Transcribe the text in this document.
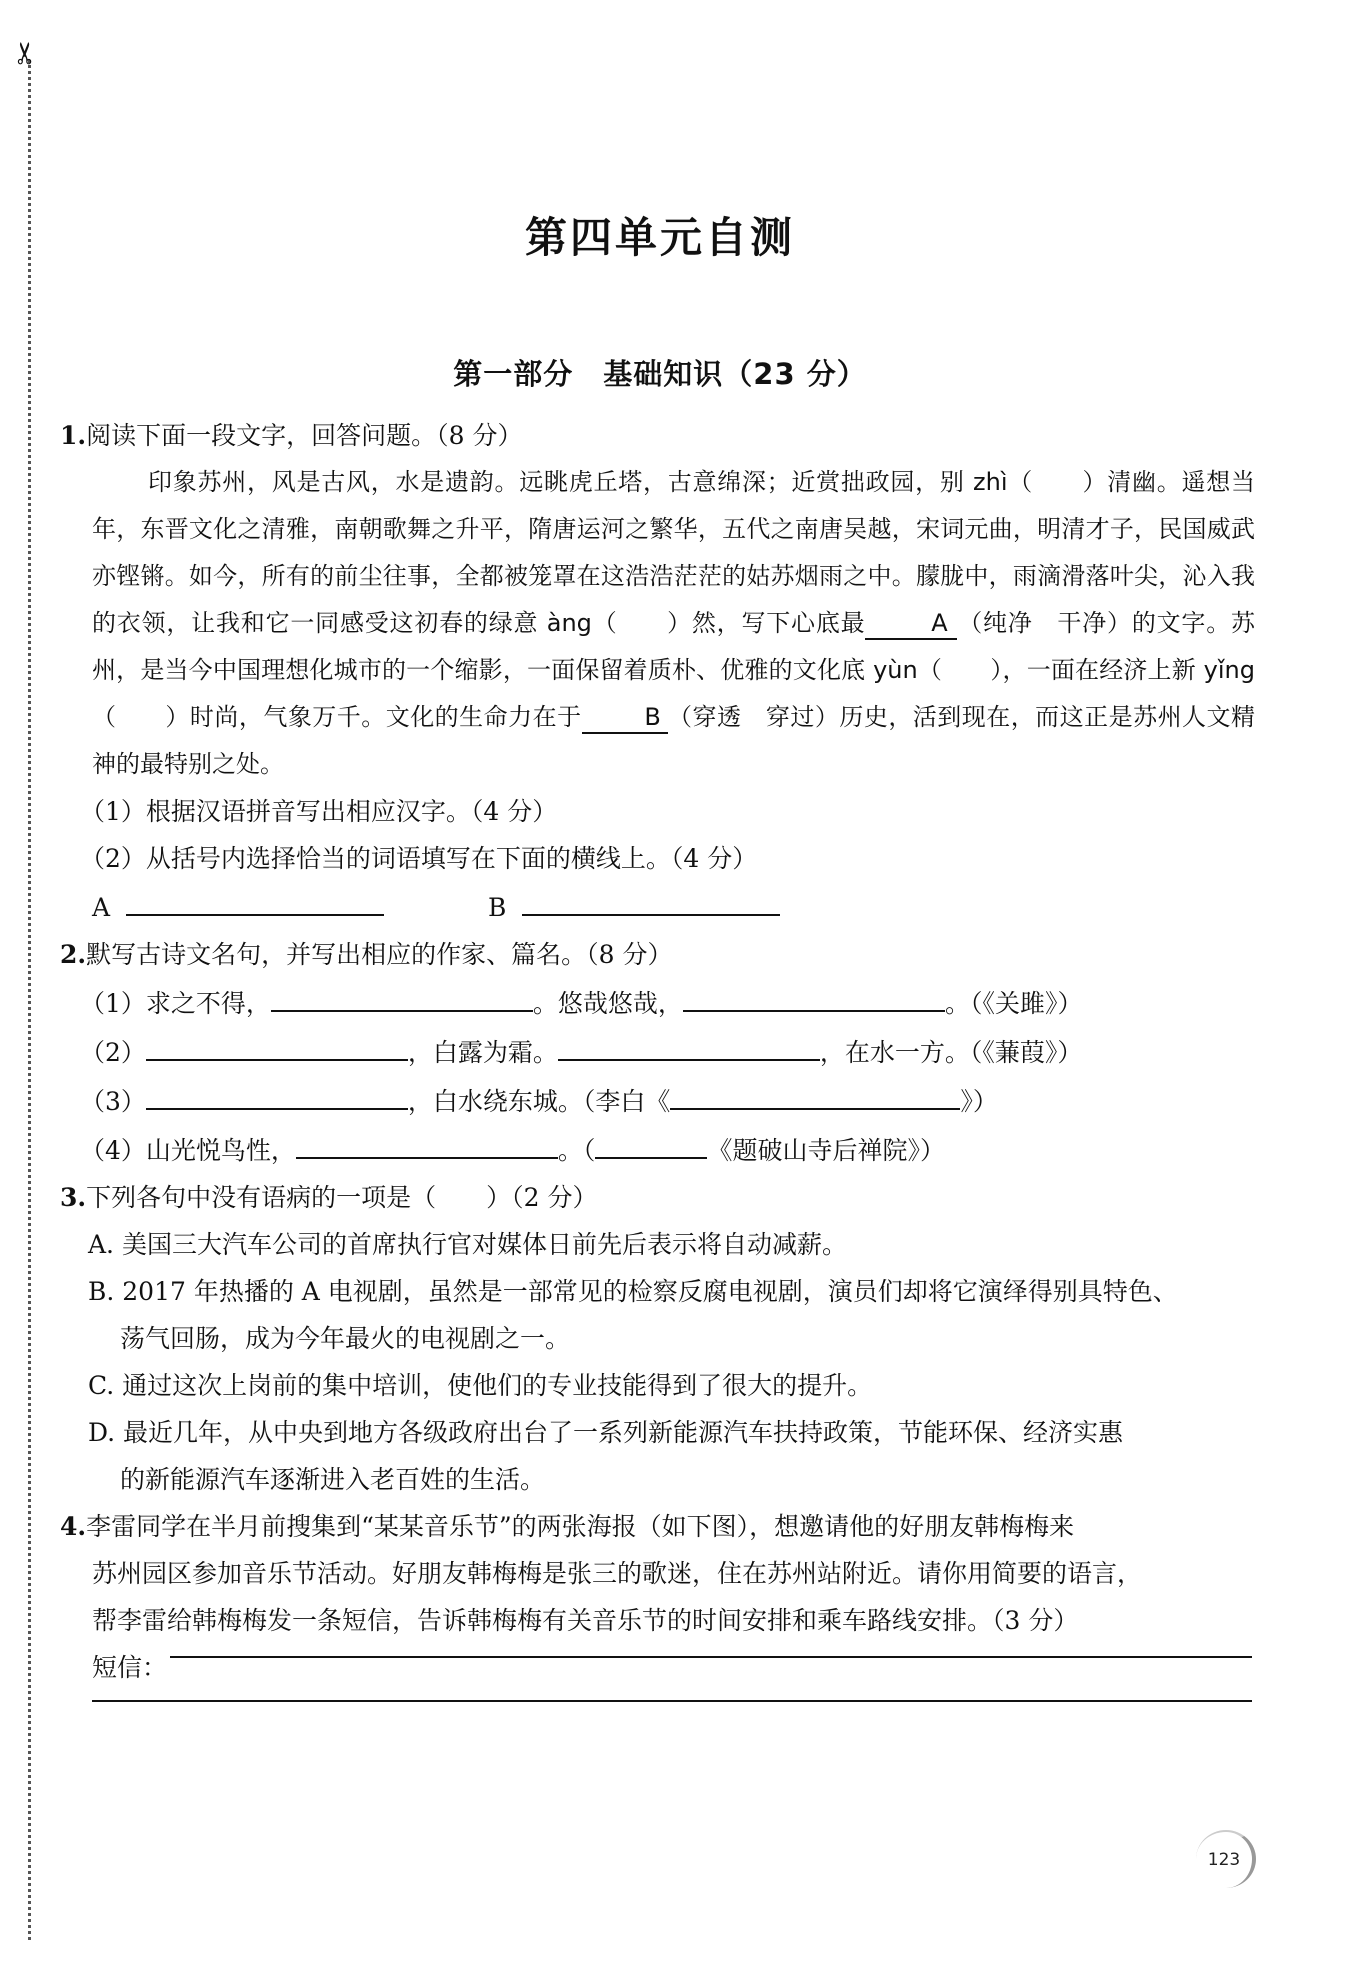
✂
第四单元自测
第一部分　基础知识（23 分）

1.阅读下面一段文字，回答问题。（8 分）

印象苏州，风是古风，水是遗韵。远眺虎丘塔，古意绵深；近赏拙政园，别 zhì（　　）清幽。遥想当年，东晋文化之清雅，南朝歌舞之升平，隋唐运河之繁华，五代之南唐吴越，宋词元曲，明清才子，民国威武亦铿锵。如今，所有的前尘往事，全都被笼罩在这浩浩茫茫的姑苏烟雨之中。朦胧中，雨滴滑落叶尖，沁入我的衣领，让我和它一同感受这初春的绿意 àng（　　）然，写下心底最	A （纯净　干净）的文字。苏州，是当今中国理想化城市的一个缩影，一面保留着质朴、优雅的文化底 yùn（　　），一面在经济上新 yǐng（　　）时尚，气象万千。文化的生命力在于	B （穿透　穿过）历史，活到现在，而这正是苏州人文精神的最特别之处。

（1）根据汉语拼音写出相应汉字。（4 分）

（2）从括号内选择恰当的词语填写在下面的横线上。（4 分）

A	B

2.默写古诗文名句，并写出相应的作家、篇名。（8 分）

（1）求之不得，	。悠哉悠哉，	。（《关雎》）

（2）	，白露为霜。	，在水一方。（《蒹葭》）

（3）	，白水绕东城。（李白《	》）

（4）山光悦鸟性，	。（	《题破山寺后禅院》）

3.下列各句中没有语病的一项是（　　）（2 分）

A. 美国三大汽车公司的首席执行官对媒体日前先后表示将自动减薪。

B. 2017 年热播的 A 电视剧，虽然是一部常见的检察反腐电视剧，演员们却将它演绎得别具特色、

荡气回肠，成为今年最火的电视剧之一。

C. 通过这次上岗前的集中培训，使他们的专业技能得到了很大的提升。

D. 最近几年，从中央到地方各级政府出台了一系列新能源汽车扶持政策，节能环保、经济实惠

的新能源汽车逐渐进入老百姓的生活。

4.李雷同学在半月前搜集到“某某音乐节”的两张海报（如下图），想邀请他的好朋友韩梅梅来

苏州园区参加音乐节活动。好朋友韩梅梅是张三的歌迷，住在苏州站附近。请你用简要的语言，

帮李雷给韩梅梅发一条短信，告诉韩梅梅有关音乐节的时间安排和乘车路线安排。（3 分）

短信：

123
